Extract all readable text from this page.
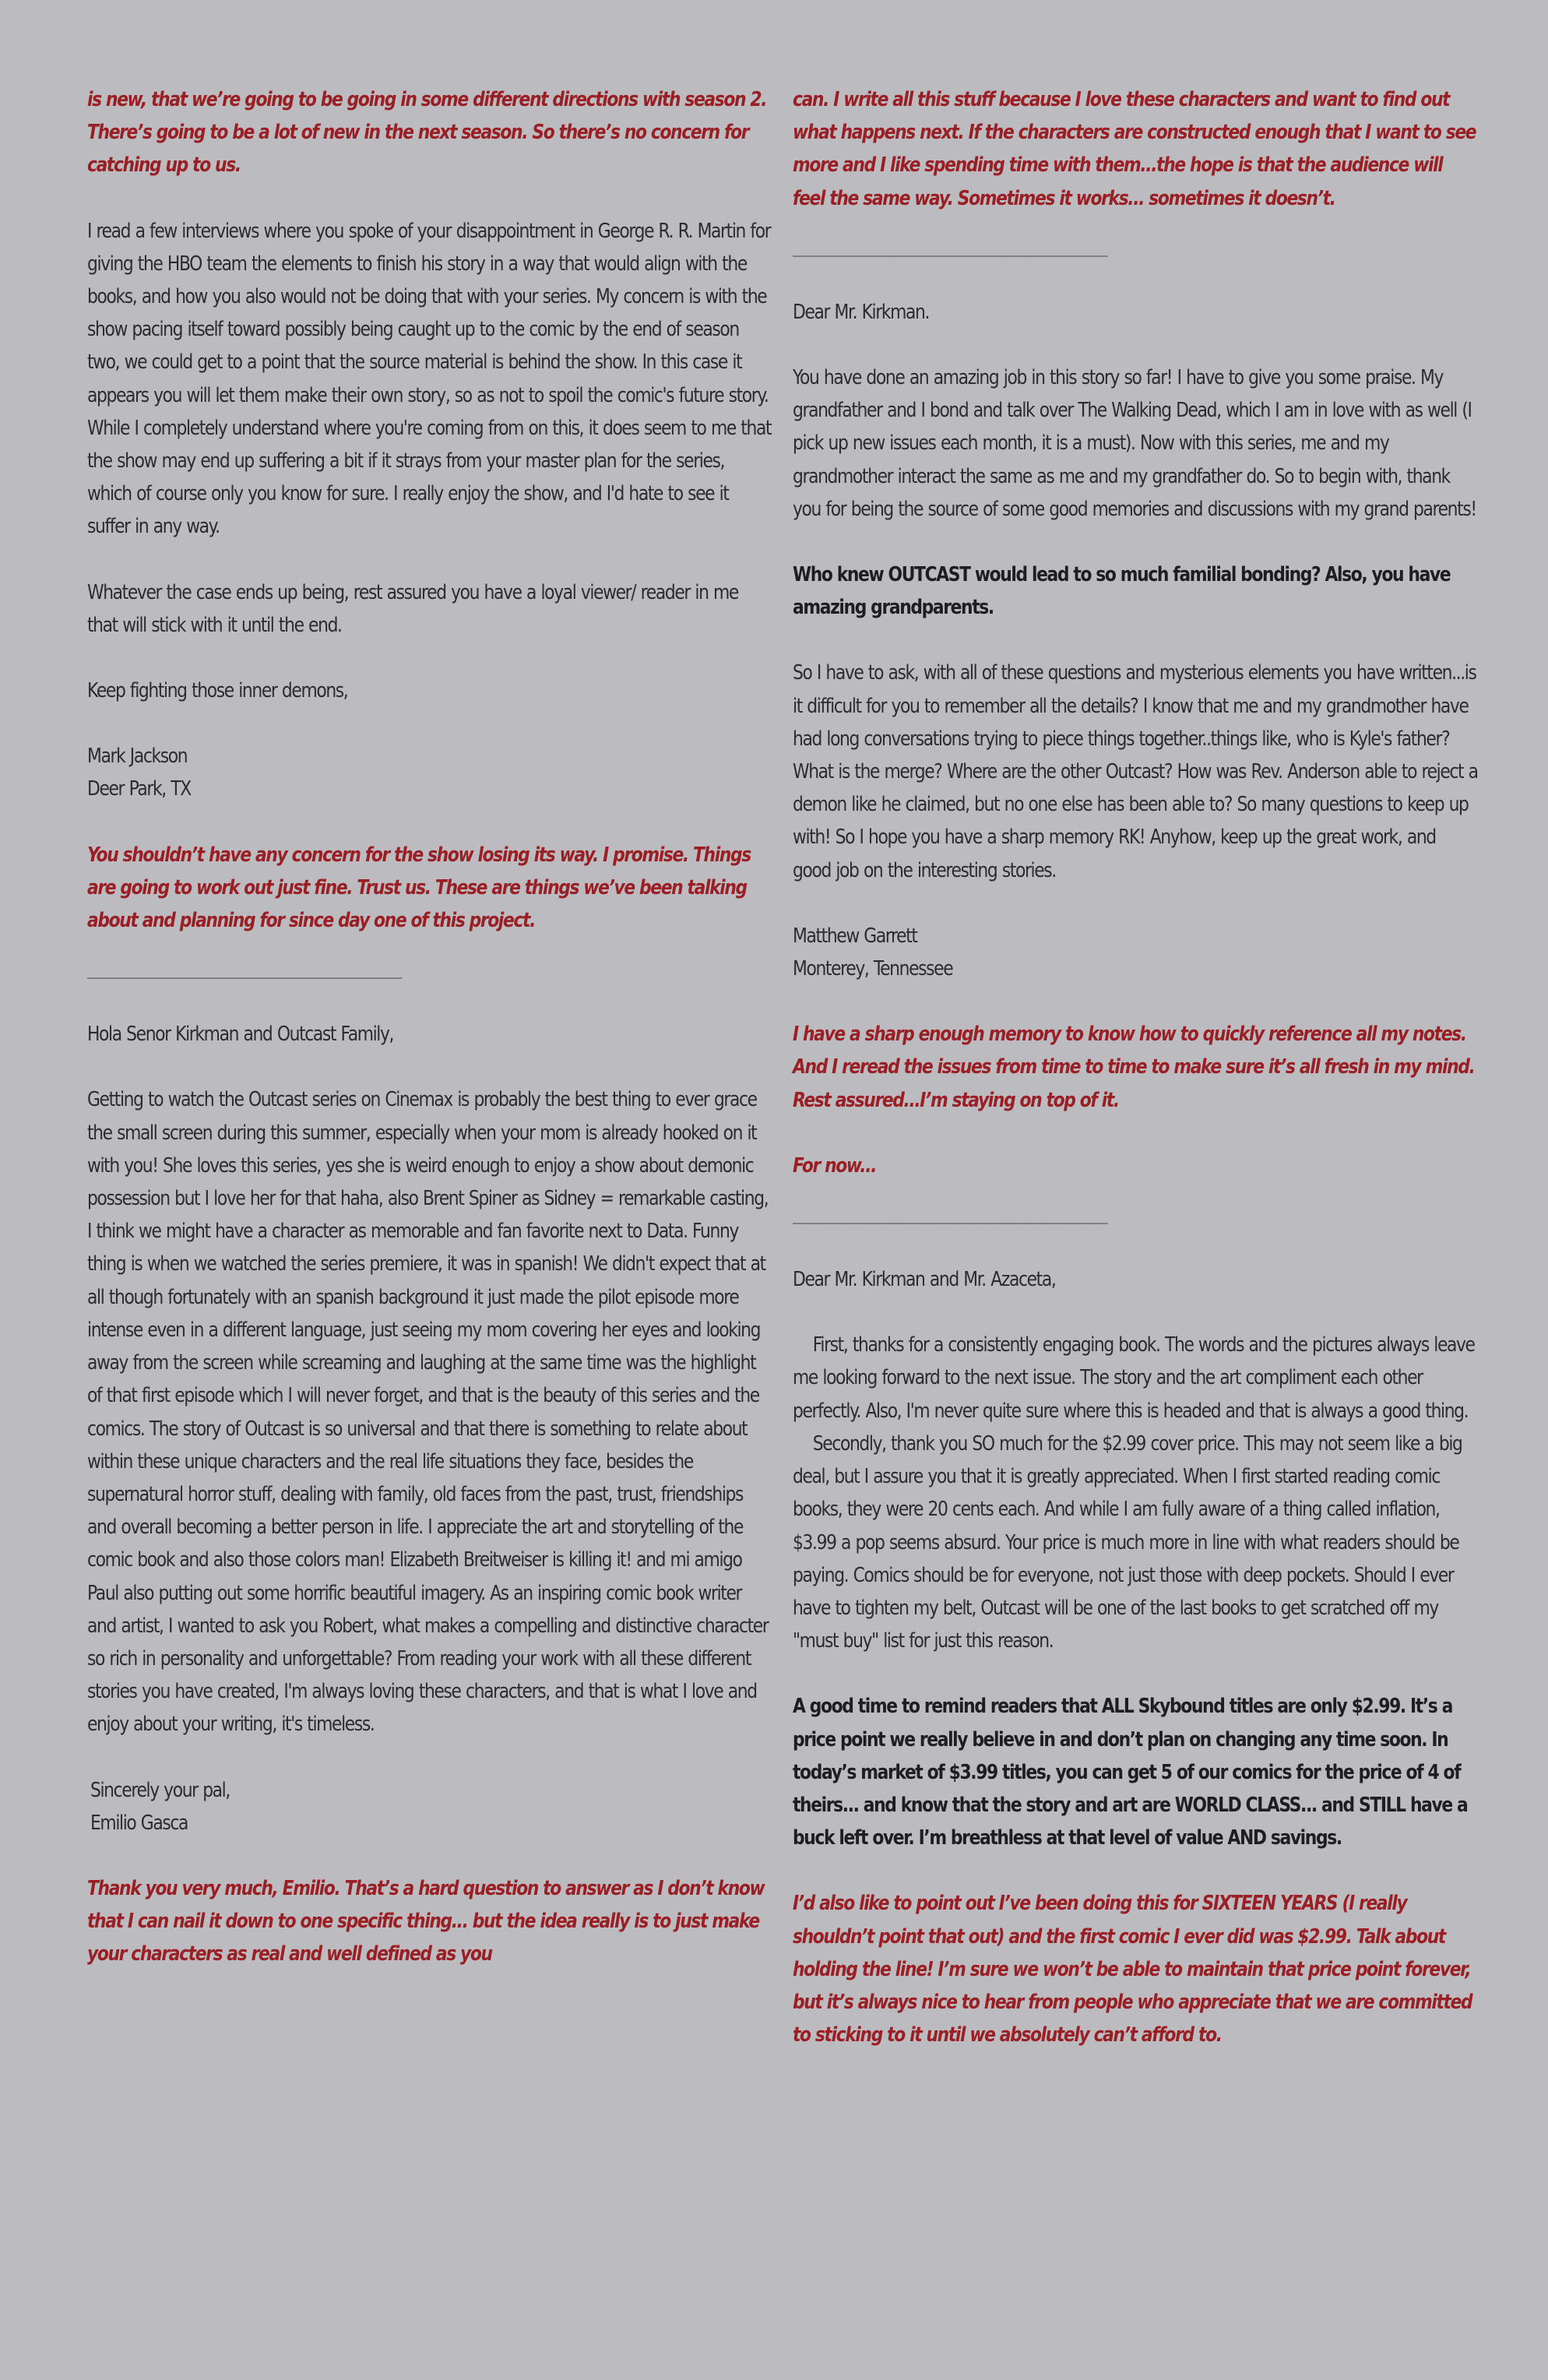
is new, that we’re going to be going in some different directions with season 2. There’s going to be a lot of new in the next season. So there’s no concern for catching up to us.

I read a few interviews where you spoke of your disappointment in George R. R. Martin for giving the HBO team the elements to finish his story in a way that would align with the books, and how you also would not be doing that with your series. My concern is with the show pacing itself toward possibly being caught up to the comic by the end of season two, we could get to a point that the source material is behind the show. In this case it appears you will let them make their own story, so as not to spoil the comic's future story. While I completely understand where you're coming from on this, it does seem to me that the show may end up suffering a bit if it strays from your master plan for the series, which of course only you know for sure. I really enjoy the show, and I'd hate to see it suffer in any way.

Whatever the case ends up being, rest assured you have a loyal viewer/ reader in me that will stick with it until the end.

Keep fighting those inner demons,

Mark Jackson

Deer Park, TX

You shouldn’t have any concern for the show losing its way. I promise. Things are going to work out just fine. Trust us. These are things we’ve been talking about and planning for since day one of this project.

____________________________

Hola Senor Kirkman and Outcast Family,

Getting to watch the Outcast series on Cinemax is probably the best thing to ever grace the small screen during this summer, especially when your mom is already hooked on it with you! She loves this series, yes she is weird enough to enjoy a show about demonic possession but I love her for that haha, also Brent Spiner as Sidney = remarkable casting, I think we might have a character as memorable and fan favorite next to Data. Funny thing is when we watched the series premiere, it was in spanish! We didn't expect that at all though fortunately with an spanish background it just made the pilot episode more intense even in a different language, just seeing my mom covering her eyes and looking away from the screen while screaming and laughing at the same time was the highlight of that first episode which I will never forget, and that is the beauty of this series and the comics. The story of Outcast is so universal and that there is something to relate about within these unique characters and the real life situations they face, besides the supernatural horror stuff, dealing with family, old faces from the past, trust, friendships and overall becoming a better person in life. I appreciate the art and storytelling of the comic book and also those colors man! Elizabeth Breitweiser is killing it! and mi amigo Paul also putting out some horrific beautiful imagery. As an inspiring comic book writer and artist, I wanted to ask you Robert, what makes a compelling and distinctive character so rich in personality and unforgettable? From reading your work with all these different stories you have created, I'm always loving these characters, and that is what I love and enjoy about your writing, it's timeless.

Sincerely your pal,

Emilio Gasca

Thank you very much, Emilio. That’s a hard question to answer as I don’t know that I can nail it down to one specific thing... but the idea really is to just make your characters as real and well defined as you

can. I write all this stuff because I love these characters and want to find out what happens next. If the characters are constructed enough that I want to see more and I like spending time with them...the hope is that the audience will feel the same way. Sometimes it works... sometimes it doesn’t.

____________________________

Dear Mr. Kirkman.

You have done an amazing job in this story so far! I have to give you some praise. My grandfather and I bond and talk over The Walking Dead, which I am in love with as well (I pick up new issues each month, it is a must). Now with this series, me and my grandmother interact the same as me and my grandfather do. So to begin with, thank you for being the source of some good memories and discussions with my grand parents!

Who knew OUTCAST would lead to so much familial bonding? Also, you have amazing grandparents.

So I have to ask, with all of these questions and mysterious elements you have written...is it difficult for you to remember all the details? I know that me and my grandmother have had long conversations trying to piece things together..things like, who is Kyle's father? What is the merge? Where are the other Outcast? How was Rev. Anderson able to reject a demon like he claimed, but no one else has been able to? So many questions to keep up with! So I hope you have a sharp memory RK! Anyhow, keep up the great work, and good job on the interesting stories.

Matthew Garrett

Monterey, Tennessee

I have a sharp enough memory to know how to quickly reference all my notes. And I reread the issues from time to time to make sure it’s all fresh in my mind. Rest assured...I’m staying on top of it.

For now...

____________________________

Dear Mr. Kirkman and Mr. Azaceta,

First, thanks for a consistently engaging book. The words and the pictures always leave me looking forward to the next issue. The story and the art compliment each other perfectly. Also, I'm never quite sure where this is headed and that is always a good thing.

Secondly, thank you SO much for the $2.99 cover price. This may not seem like a big deal, but I assure you that it is greatly appreciated. When I first started reading comic books, they were 20 cents each. And while I am fully aware of a thing called inflation, $3.99 a pop seems absurd. Your price is much more in line with what readers should be paying. Comics should be for everyone, not just those with deep pockets. Should I ever have to tighten my belt, Outcast will be one of the last books to get scratched off my "must buy" list for just this reason.

A good time to remind readers that ALL Skybound titles are only $2.99. It’s a price point we really believe in and don’t plan on changing any time soon. In today’s market of $3.99 titles, you can get 5 of our comics for the price of 4 of theirs... and know that the story and art are WORLD CLASS... and STILL have a buck left over. I’m breathless at that level of value AND savings.

I’d also like to point out I’ve been doing this for SIXTEEN YEARS (I really shouldn’t point that out) and the first comic I ever did was $2.99. Talk about holding the line! I’m sure we won’t be able to maintain that price point forever, but it’s always nice to hear from people who appreciate that we are committed to sticking to it until we absolutely can’t afford to.
